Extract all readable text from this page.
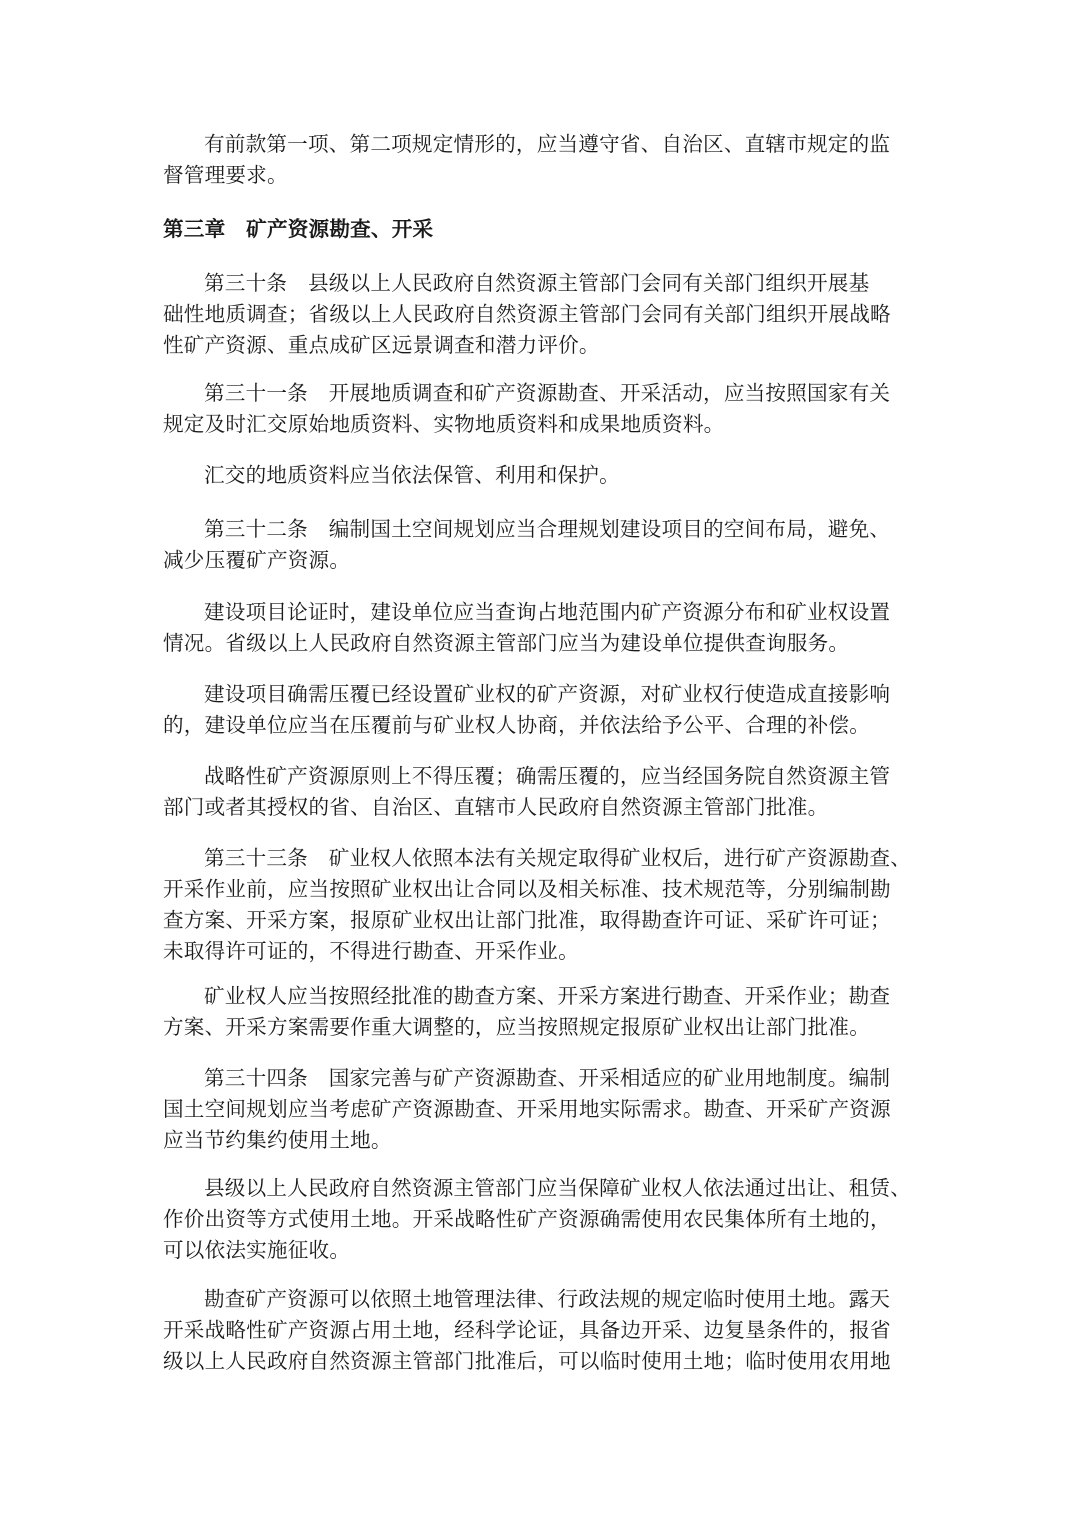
有前款第一项、第二项规定情形的，应当遵守省、自治区、直辖市规定的监
督管理要求。

第三章　矿产资源勘查、开采

第三十条　县级以上人民政府自然资源主管部门会同有关部门组织开展基
础性地质调查；省级以上人民政府自然资源主管部门会同有关部门组织开展战略
性矿产资源、重点成矿区远景调查和潜力评价。

第三十一条　开展地质调查和矿产资源勘查、开采活动，应当按照国家有关
规定及时汇交原始地质资料、实物地质资料和成果地质资料。

汇交的地质资料应当依法保管、利用和保护。

第三十二条　编制国土空间规划应当合理规划建设项目的空间布局，避免、
减少压覆矿产资源。

建设项目论证时，建设单位应当查询占地范围内矿产资源分布和矿业权设置
情况。省级以上人民政府自然资源主管部门应当为建设单位提供查询服务。

建设项目确需压覆已经设置矿业权的矿产资源，对矿业权行使造成直接影响
的，建设单位应当在压覆前与矿业权人协商，并依法给予公平、合理的补偿。

战略性矿产资源原则上不得压覆；确需压覆的，应当经国务院自然资源主管
部门或者其授权的省、自治区、直辖市人民政府自然资源主管部门批准。

第三十三条　矿业权人依照本法有关规定取得矿业权后，进行矿产资源勘查、
开采作业前，应当按照矿业权出让合同以及相关标准、技术规范等，分别编制勘
查方案、开采方案，报原矿业权出让部门批准，取得勘查许可证、采矿许可证；
未取得许可证的，不得进行勘查、开采作业。

矿业权人应当按照经批准的勘查方案、开采方案进行勘查、开采作业；勘查
方案、开采方案需要作重大调整的，应当按照规定报原矿业权出让部门批准。

第三十四条　国家完善与矿产资源勘查、开采相适应的矿业用地制度。编制
国土空间规划应当考虑矿产资源勘查、开采用地实际需求。勘查、开采矿产资源
应当节约集约使用土地。

县级以上人民政府自然资源主管部门应当保障矿业权人依法通过出让、租赁、
作价出资等方式使用土地。开采战略性矿产资源确需使用农民集体所有土地的，
可以依法实施征收。

勘查矿产资源可以依照土地管理法律、行政法规的规定临时使用土地。露天
开采战略性矿产资源占用土地，经科学论证，具备边开采、边复垦条件的，报省
级以上人民政府自然资源主管部门批准后，可以临时使用土地；临时使用农用地
